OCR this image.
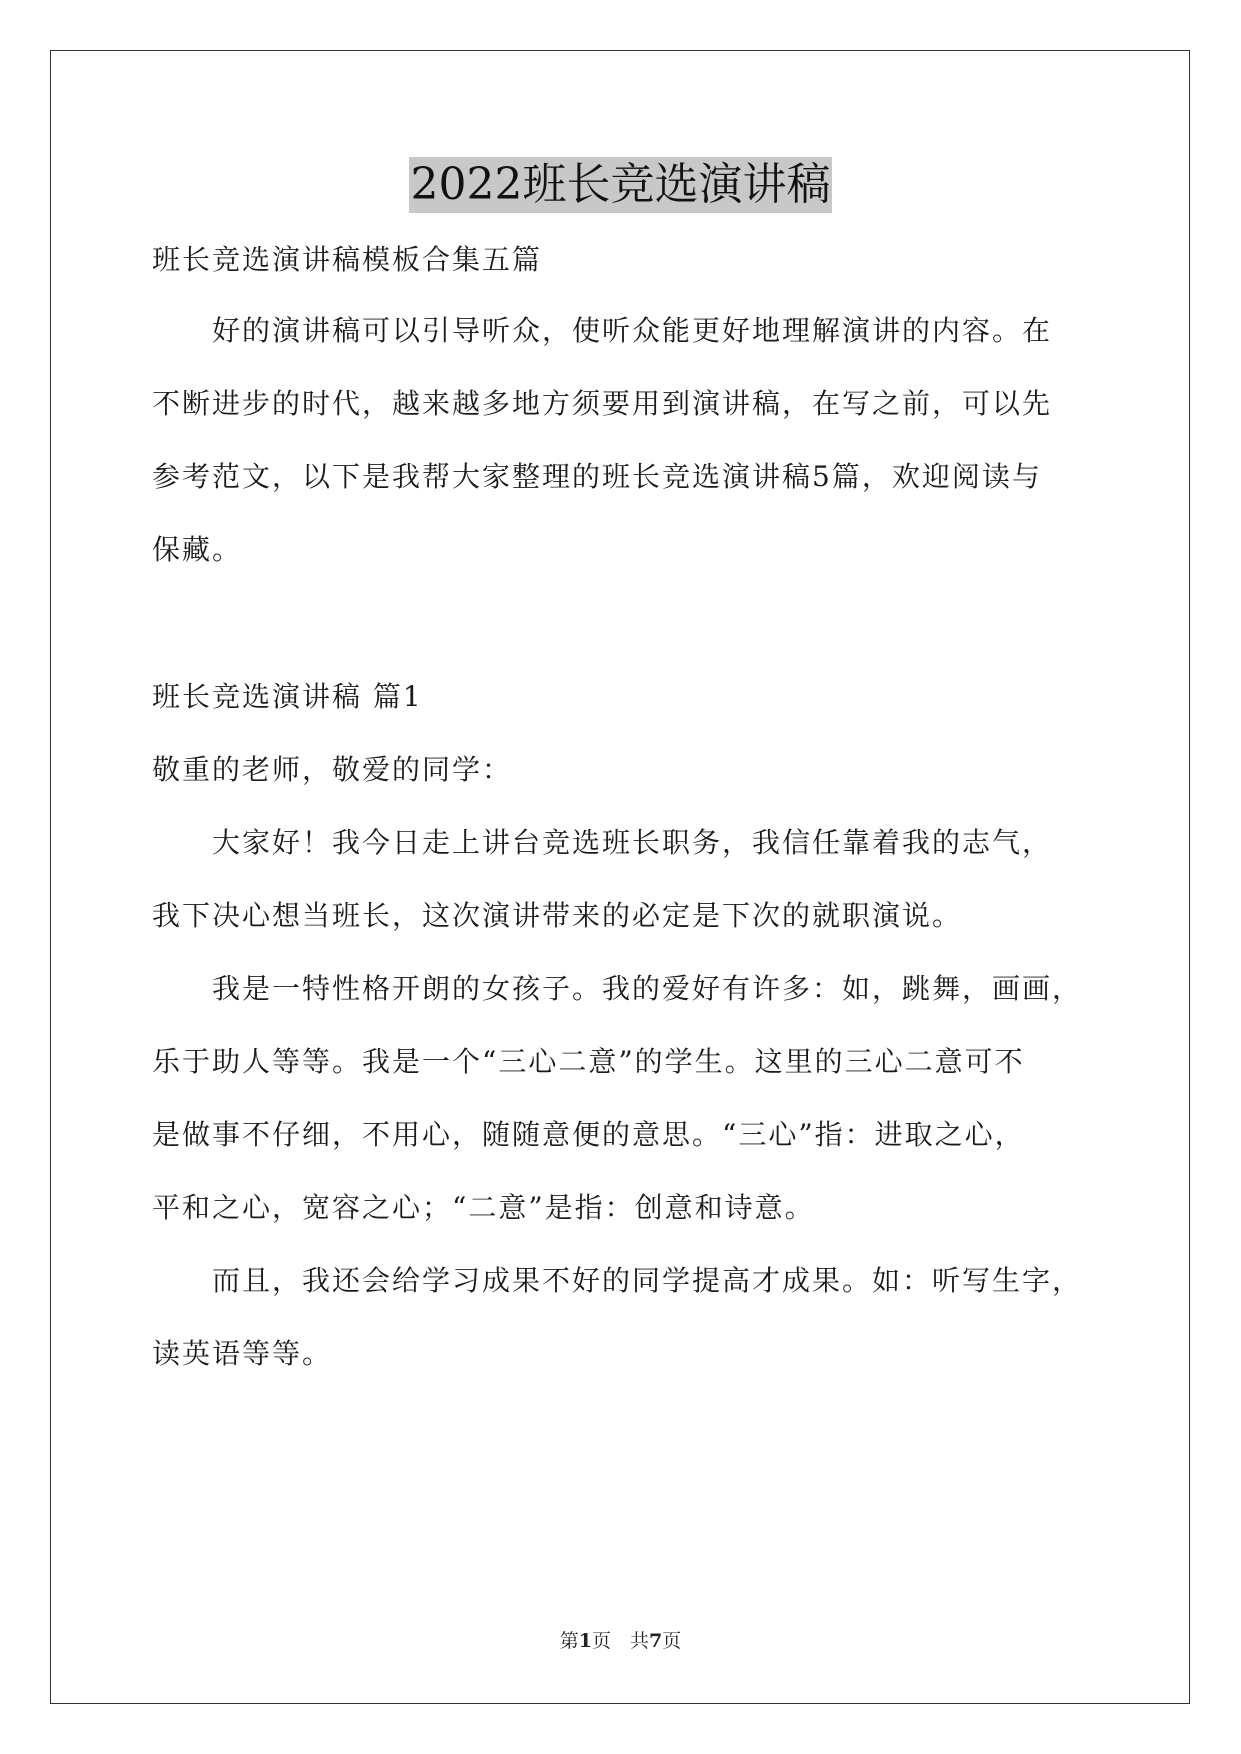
2022班长竞选演讲稿
班长竞选演讲稿模板合集五篇
好的演讲稿可以引导听众，使听众能更好地理解演讲的内容。在
不断进步的时代，越来越多地方须要用到演讲稿，在写之前，可以先
参考范文，以下是我帮大家整理的班长竞选演讲稿5篇，欢迎阅读与
保藏。
班长竞选演讲稿 篇1
敬重的老师，敬爱的同学：
大家好！我今日走上讲台竞选班长职务，我信任靠着我的志气，
我下决心想当班长，这次演讲带来的必定是下次的就职演说。
我是一特性格开朗的女孩子。我的爱好有许多：如，跳舞，画画，
乐于助人等等。我是一个“三心二意”的学生。这里的三心二意可不
是做事不仔细，不用心，随随意便的意思。“三心”指：进取之心，
平和之心，宽容之心；“二意”是指：创意和诗意。
而且，我还会给学习成果不好的同学提高才成果。如：听写生字，
读英语等等。
第1页　共7页
